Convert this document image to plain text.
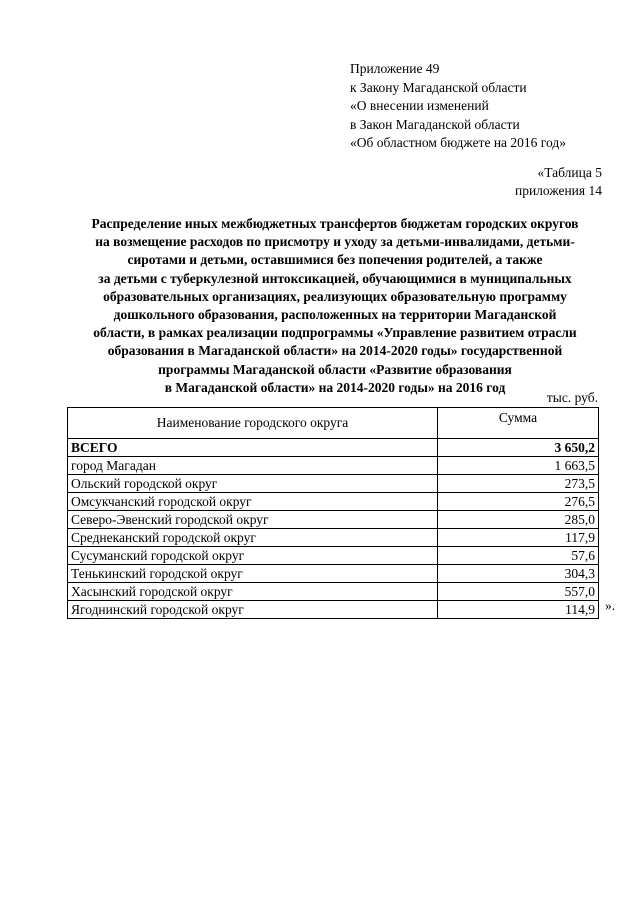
Приложение 49
к Закону Магаданской области
«О внесении изменений
в Закон Магаданской области
«Об областном бюджете на 2016 год»
«Таблица 5
приложения 14
Распределение иных межбюджетных трансфертов бюджетам городских округов
на возмещение расходов по присмотру и уходу за детьми-инвалидами, детьми-
сиротами и детьми, оставшимися без попечения родителей, а также
за детьми с туберкулезной интоксикацией, обучающимися в муниципальных
образовательных организациях, реализующих образовательную программу
дошкольного образования, расположенных на территории Магаданской
области, в рамках реализации подпрограммы «Управление развитием отрасли
образования в Магаданской области» на 2014-2020 годы» государственной
программы Магаданской области «Развитие образования
в Магаданской области» на 2014-2020 годы» на 2016 год
тыс. руб.
Наименование городского округа	Сумма
ВСЕГО	3 650,2
город Магадан	1 663,5
Ольский городской округ	273,5
Омсукчанский городской округ	276,5
Северо-Эвенский городской округ	285,0
Среднеканский городской округ	117,9
Сусуманский городской округ	57,6
Тенькинский городской округ	304,3
Хасынский городской округ	557,0
Ягоднинский городской округ	114,9 ».
